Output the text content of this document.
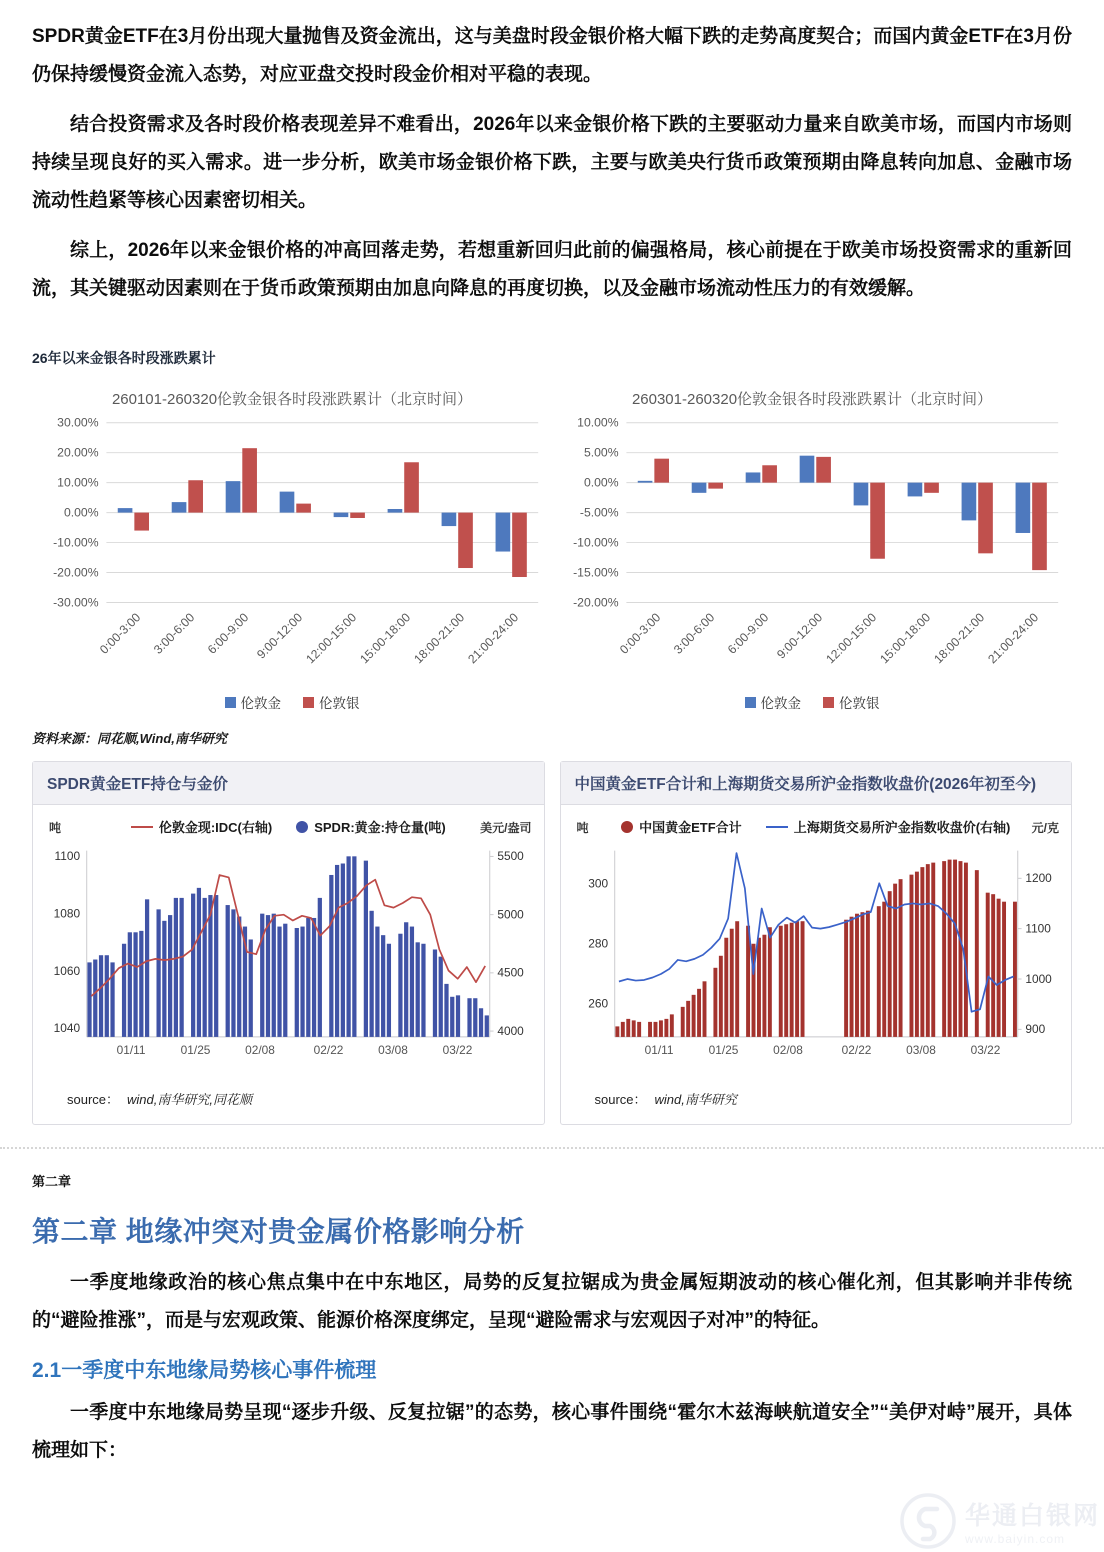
SPDR黄金ETF在3月份出现大量抛售及资金流出，这与美盘时段金银价格大幅下跌的走势高度契合；而国内黄金ETF在3月份仍保持缓慢资金流入态势，对应亚盘交投时段金价相对平稳的表现。

结合投资需求及各时段价格表现差异不难看出，2026年以来金银价格下跌的主要驱动力量来自欧美市场，而国内市场则持续呈现良好的买入需求。进一步分析，欧美市场金银价格下跌，主要与欧美央行货币政策预期由降息转向加息、金融市场流动性趋紧等核心因素密切相关。

综上，2026年以来金银价格的冲高回落走势，若想重新回归此前的偏强格局，核心前提在于欧美市场投资需求的重新回流，其关键驱动因素则在于货币政策预期由加息向降息的再度切换，以及金融市场流动性压力的有效缓解。

26年以来金银各时段涨跌累计
260101-260320伦敦金银各时段涨跌累计（北京时间）
30.00%
20.00%
10.00%
0.00%
-10.00%
-20.00%
-30.00%
0:00-3:00 3:00-6:00 6:00-9:00 9:00-12:00
12:00-15:00
15:00-18:00
18:00-21:00
21:00-24:00
伦敦金	伦敦银
260301-260320伦敦金银各时段涨跌累计（北京时间）
10.00%
5.00%
0.00%
-5.00%
-10.00%
-15.00%
-20.00%
0:00-3:00 3:00-6:00 6:00-9:00 9:00-12:00
12:00-15:00
15:00-18:00
18:00-21:00
21:00-24:00
伦敦金	伦敦银
资料来源：同花顺,Wind,南华研究
SPDR黄金ETF持仓与金价
吨	伦敦金现:IDC(右轴)	SPDR:黄金:持仓量(吨)	美元/盎司
1040
1060
1080
1100
4000
4500
5000
5500
01/11	01/25	02/08	02/22	03/08	03/22
source： wind,南华研究,同花顺
中国黄金ETF合计和上海期货交易所沪金指数收盘价(2026年初至今)
吨	中国黄金ETF合计	上海期货交易所沪金指数收盘价(右轴) 元/克
260
280
300
900
1000
1100
1200
01/11	01/25	02/08	02/22	03/08	03/22
source： wind,南华研究
第二章
第二章 地缘冲突对贵金属价格影响分析

一季度地缘政治的核心焦点集中在中东地区，局势的反复拉锯成为贵金属短期波动的核心催化剂，但其影响并非传统的“避险推涨”，而是与宏观政策、能源价格深度绑定，呈现“避险需求与宏观因子对冲”的特征。

2.1一季度中东地缘局势核心事件梳理

一季度中东地缘局势呈现“逐步升级、反复拉锯”的态势，核心事件围绕“霍尔木兹海峡航道安全”“美伊对峙”展开，具体梳理如下：

华通白银网
www.baiyin.com
